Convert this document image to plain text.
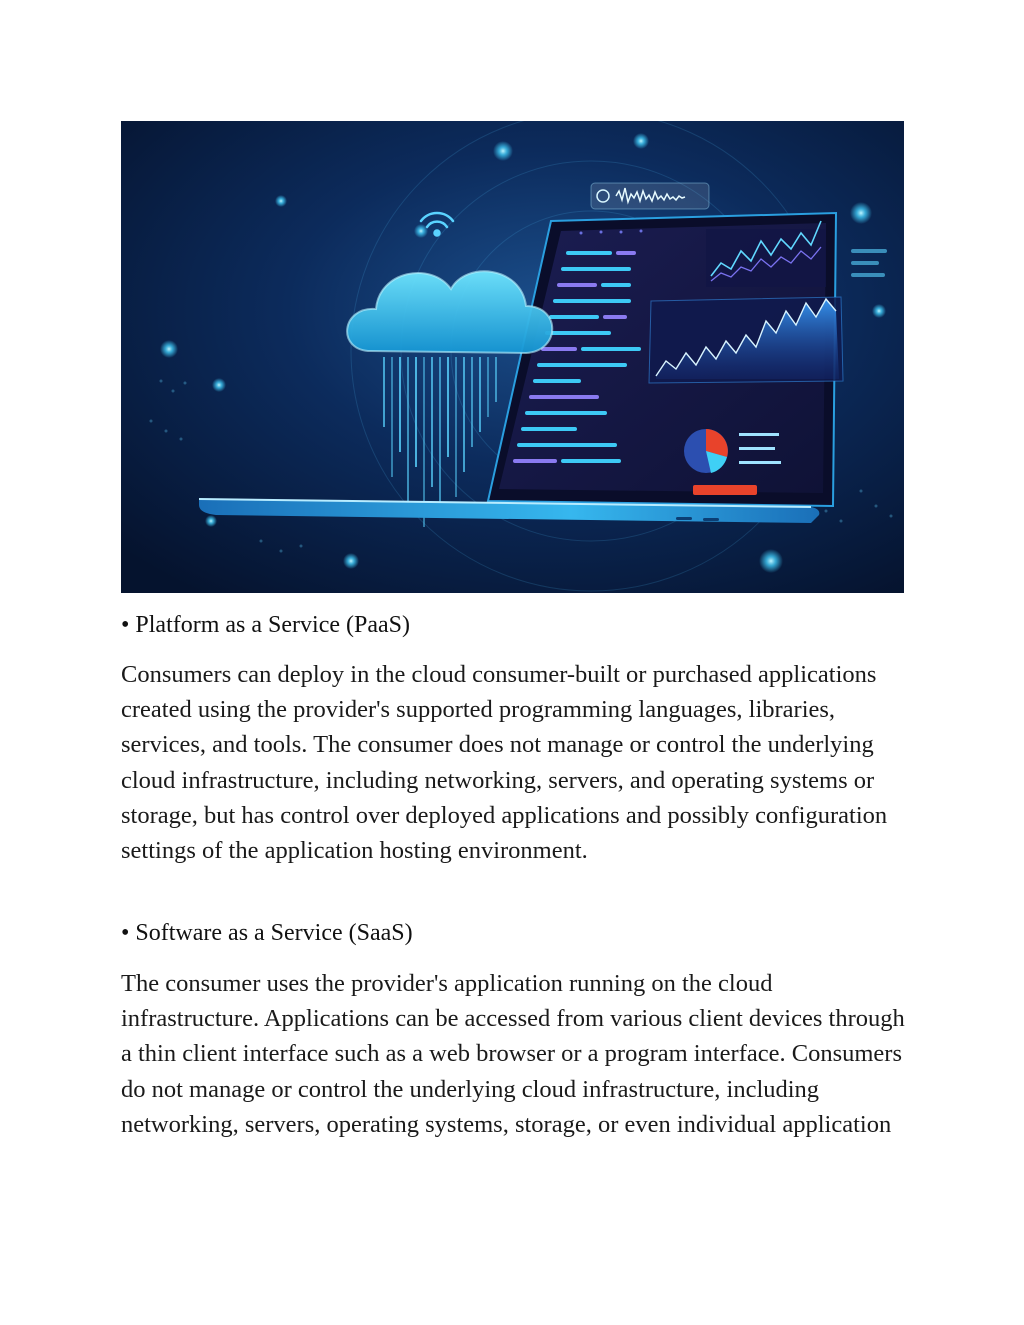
• Platform as a Service (PaaS)

Consumers can deploy in the cloud consumer-built or purchased applications created using the provider's supported programming languages, libraries, services, and tools. The consumer does not manage or control the underlying cloud infrastructure, including networking, servers, and operating systems or storage, but has control over deployed applications and possibly configuration settings of the application hosting environment.

• Software as a Service (SaaS)

The consumer uses the provider's application running on the cloud infrastructure. Applications can be accessed from various client devices through a thin client interface such as a web browser or a program interface. Consumers do not manage or control the underlying cloud infrastructure, including networking, servers, operating systems, storage, or even individual application
